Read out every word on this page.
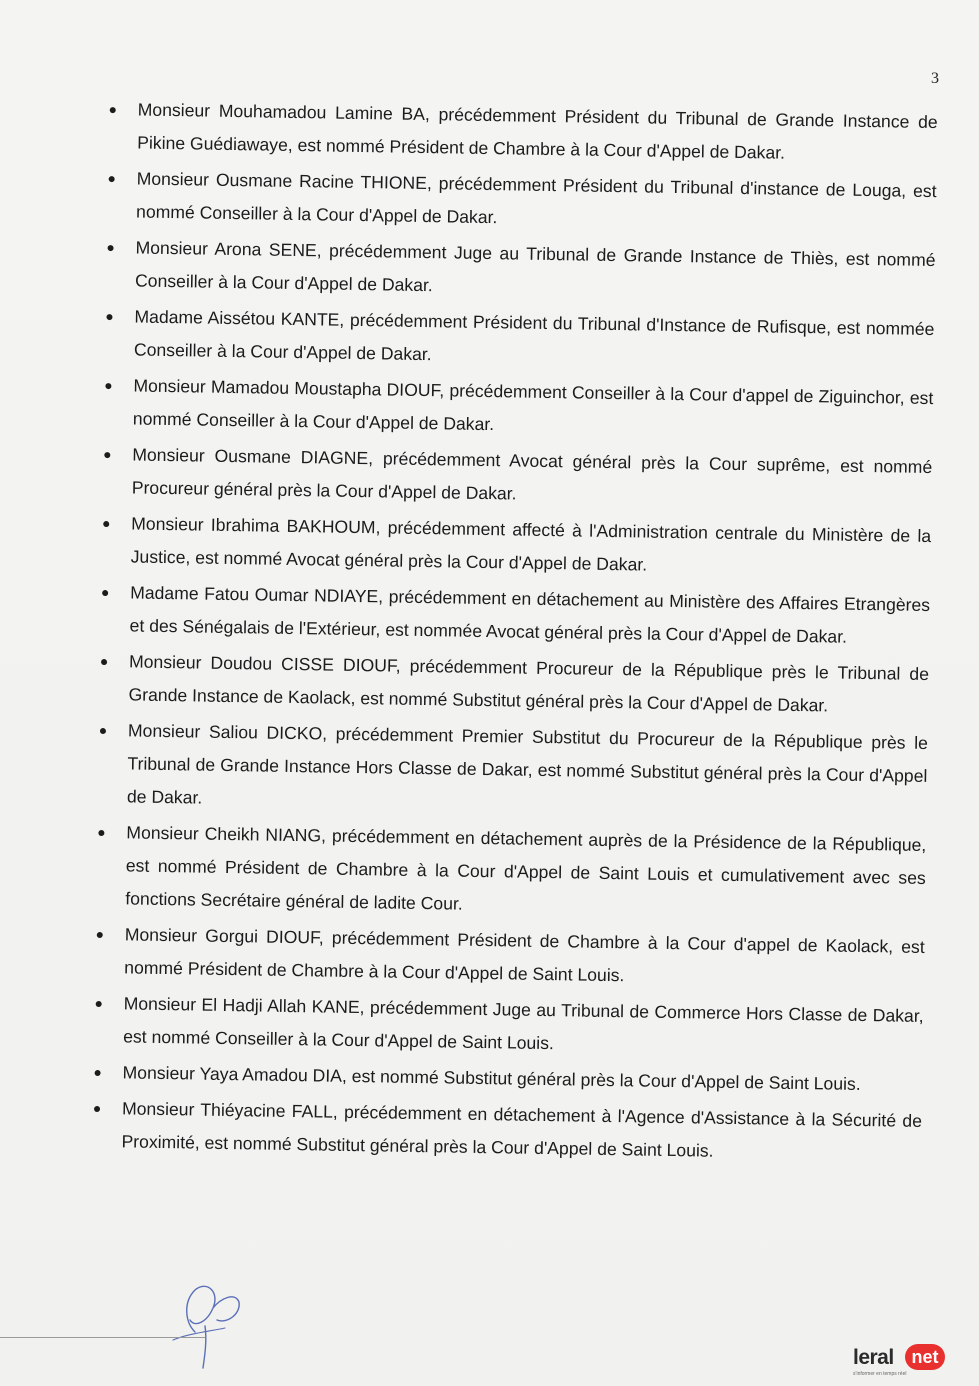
3

Monsieur Mouhamadou Lamine BA, précédemment Président du Tribunal de Grande Instance de Pikine Guédiawaye, est nommé Président de Chambre à la Cour d'Appel de Dakar.

Monsieur Ousmane Racine THIONE, précédemment Président du Tribunal d'instance de Louga, est nommé Conseiller à la Cour d'Appel de Dakar.

Monsieur Arona SENE, précédemment Juge au Tribunal de Grande Instance de Thiès, est nommé Conseiller à la Cour d'Appel de Dakar.

Madame Aissétou KANTE, précédemment Président du Tribunal d'Instance de Rufisque, est nommée Conseiller à la Cour d'Appel de Dakar.

Monsieur Mamadou Moustapha DIOUF, précédemment Conseiller à la Cour d'appel de Ziguinchor, est nommé Conseiller à la Cour d'Appel de Dakar.

Monsieur Ousmane DIAGNE, précédemment Avocat général près la Cour suprême, est nommé Procureur général près la Cour d'Appel de Dakar.

Monsieur Ibrahima BAKHOUM, précédemment affecté à l'Administration centrale du Ministère de la Justice, est nommé Avocat général près la Cour d'Appel de Dakar.

Madame Fatou Oumar NDIAYE, précédemment en détachement au Ministère des Affaires Etrangères et des Sénégalais de l'Extérieur, est nommée Avocat général près la Cour d'Appel de Dakar.

Monsieur Doudou CISSE DIOUF, précédemment Procureur de la République près le Tribunal de Grande Instance de Kaolack, est nommé Substitut général près la Cour d'Appel de Dakar.

Monsieur Saliou DICKO, précédemment Premier Substitut du Procureur de la République près le Tribunal de Grande Instance Hors Classe de Dakar, est nommé Substitut général près la Cour d'Appel de Dakar.

Monsieur Cheikh NIANG, précédemment en détachement auprès de la Présidence de la République, est nommé Président de Chambre à la Cour d'Appel de Saint Louis et cumulativement avec ses fonctions Secrétaire général de ladite Cour.

Monsieur Gorgui DIOUF, précédemment Président de Chambre à la Cour d'appel de Kaolack, est nommé Président de Chambre à la Cour d'Appel de Saint Louis.

Monsieur El Hadji Allah KANE, précédemment Juge au Tribunal de Commerce Hors Classe de Dakar, est nommé Conseiller à la Cour d'Appel de Saint Louis.

Monsieur Yaya Amadou DIA, est nommé Substitut général près la Cour d'Appel de Saint Louis.

Monsieur Thiéyacine FALL, précédemment en détachement à l'Agence d'Assistance à la Sécurité de Proximité, est nommé Substitut général près la Cour d'Appel de Saint Louis.

leral net
s'informer en temps réel
